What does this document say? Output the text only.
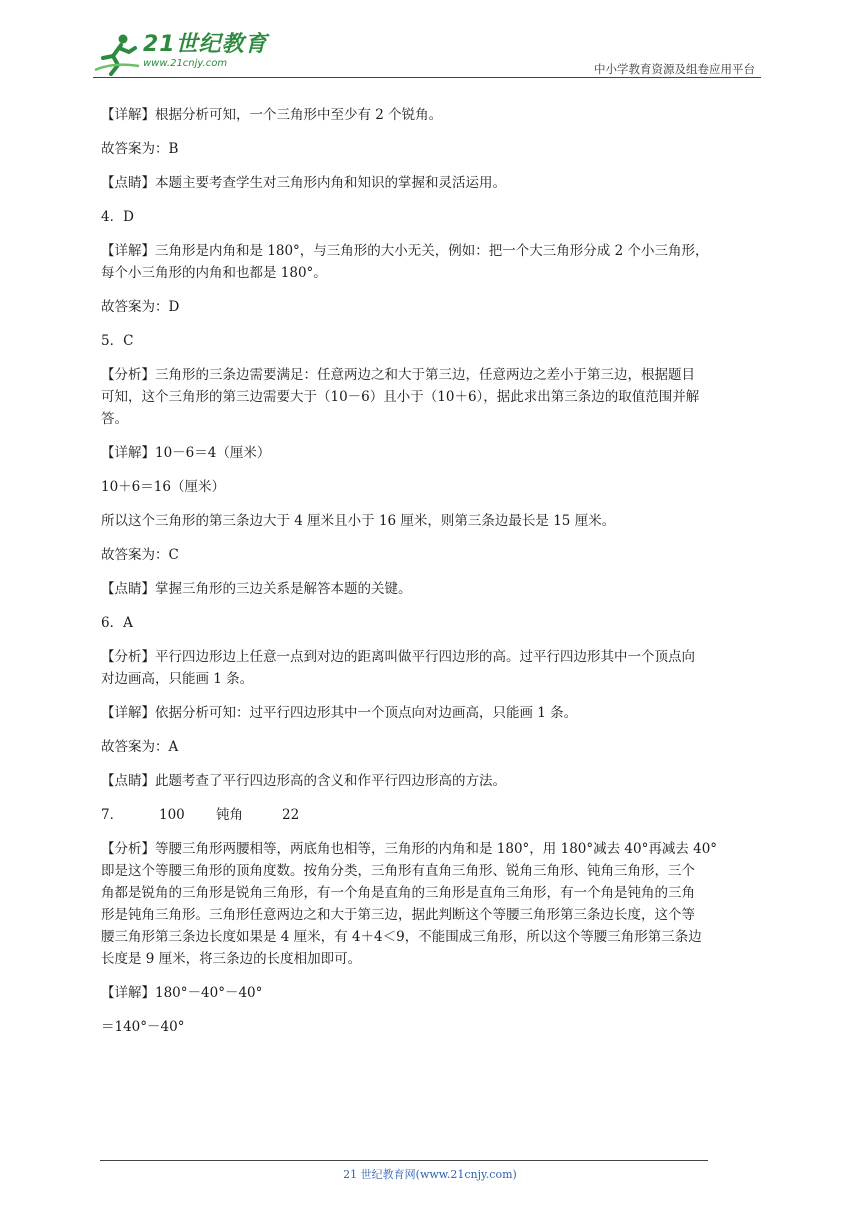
21世纪教育
www.21cnjy.com	中小学教育资源及组卷应用平台
【详解】根据分析可知，一个三角形中至少有 2 个锐角。
故答案为：B
【点睛】本题主要考查学生对三角形内角和知识的掌握和灵活运用。
4．D
【详解】三角形是内角和是 180°，与三角形的大小无关，例如：把一个大三角形分成 2 个小三角形，
每个小三角形的内角和也都是 180°。
故答案为：D
5．C
【分析】三角形的三条边需要满足：任意两边之和大于第三边，任意两边之差小于第三边，根据题目
可知，这个三角形的第三边需要大于（10－6）且小于（10＋6），据此求出第三条边的取值范围并解
答。
【详解】10－6＝4（厘米）
10＋6＝16（厘米）
所以这个三角形的第三条边大于 4 厘米且小于 16 厘米，则第三条边最长是 15 厘米。
故答案为：C
【点睛】掌握三角形的三边关系是解答本题的关键。
6．A
【分析】平行四边形边上任意一点到对边的距离叫做平行四边形的高。过平行四边形其中一个顶点向
对边画高，只能画 1 条。
【详解】依据分析可知：过平行四边形其中一个顶点向对边画高，只能画 1 条。
故答案为：A
【点睛】此题考查了平行四边形高的含义和作平行四边形高的方法。
7．	100 钝角	22
【分析】等腰三角形两腰相等，两底角也相等，三角形的内角和是 180°，用 180°减去 40°再减去 40°
即是这个等腰三角形的顶角度数。按角分类，三角形有直角三角形、锐角三角形、钝角三角形，三个
角都是锐角的三角形是锐角三角形，有一个角是直角的三角形是直角三角形，有一个角是钝角的三角
形是钝角三角形。三角形任意两边之和大于第三边，据此判断这个等腰三角形第三条边长度，这个等
腰三角形第三条边长度如果是 4 厘米，有 4＋4＜9，不能围成三角形，所以这个等腰三角形第三条边
长度是 9 厘米，将三条边的长度相加即可。
【详解】180°－40°－40°
＝140°－40°
21 世纪教育网(www.21cnjy.com)
